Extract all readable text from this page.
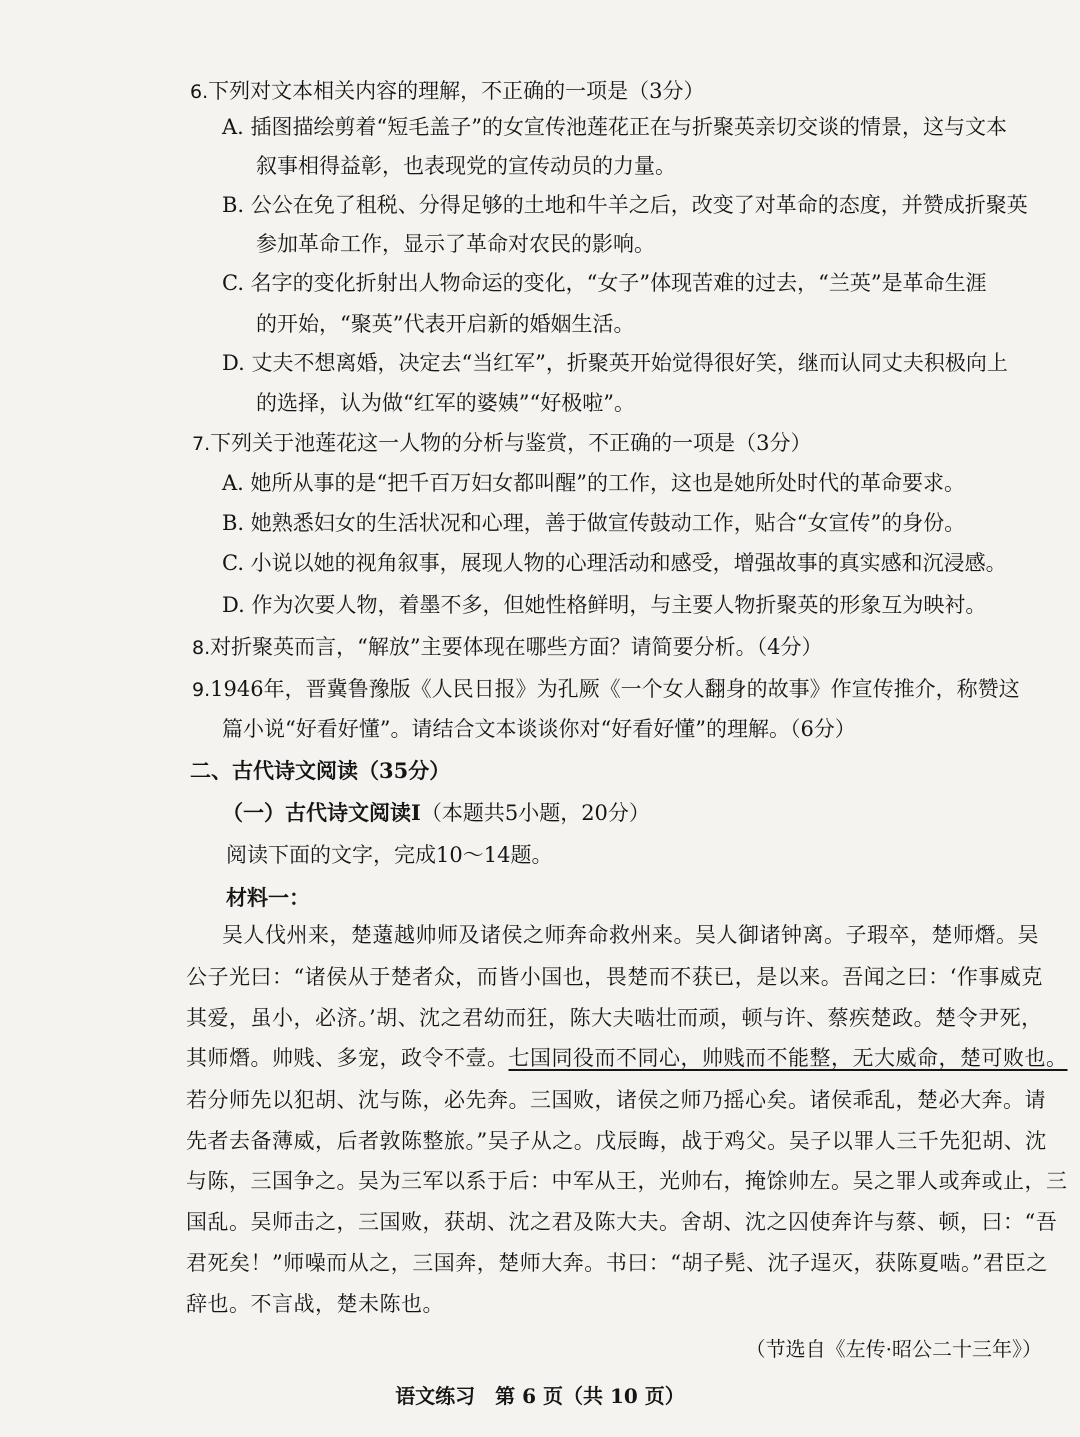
6.下列对文本相关内容的理解，不正确的一项是（3分）
A. 插图描绘剪着“短毛盖子”的女宣传池莲花正在与折聚英亲切交谈的情景，这与文本
叙事相得益彰，也表现党的宣传动员的力量。
B. 公公在免了租税、分得足够的土地和牛羊之后，改变了对革命的态度，并赞成折聚英
参加革命工作，显示了革命对农民的影响。
C. 名字的变化折射出人物命运的变化，“女子”体现苦难的过去，“兰英”是革命生涯
的开始，“聚英”代表开启新的婚姻生活。
D. 丈夫不想离婚，决定去“当红军”，折聚英开始觉得很好笑，继而认同丈夫积极向上
的选择，认为做“红军的婆姨”“好极啦”。
7.下列关于池莲花这一人物的分析与鉴赏，不正确的一项是（3分）
A. 她所从事的是“把千百万妇女都叫醒”的工作，这也是她所处时代的革命要求。
B. 她熟悉妇女的生活状况和心理，善于做宣传鼓动工作，贴合“女宣传”的身份。
C. 小说以她的视角叙事，展现人物的心理活动和感受，增强故事的真实感和沉浸感。
D. 作为次要人物，着墨不多，但她性格鲜明，与主要人物折聚英的形象互为映衬。
8.对折聚英而言，“解放”主要体现在哪些方面？请简要分析。（4分）
9.1946年，晋冀鲁豫版《人民日报》为孔厥《一个女人翻身的故事》作宣传推介，称赞这
篇小说“好看好懂”。请结合文本谈谈你对“好看好懂”的理解。（6分）
二、古代诗文阅读（35分）
（一）古代诗文阅读Ⅰ（本题共5小题，20分）
阅读下面的文字，完成10～14题。
材料一：
吴人伐州来，楚薳越帅师及诸侯之师奔命救州来。吴人御诸钟离。子瑕卒，楚师熸。吴
公子光曰：“诸侯从于楚者众，而皆小国也，畏楚而不获已，是以来。吾闻之曰：‘作事威克
其爱，虽小，必济。’胡、沈之君幼而狂，陈大夫啮壮而顽，顿与许、蔡疾楚政。楚令尹死，
其师熸。帅贱、多宠，政令不壹。七国同役而不同心，帅贱而不能整，无大威命，楚可败也。
若分师先以犯胡、沈与陈，必先奔。三国败，诸侯之师乃摇心矣。诸侯乖乱，楚必大奔。请
先者去备薄威，后者敦陈整旅。”吴子从之。戊辰晦，战于鸡父。吴子以罪人三千先犯胡、沈
与陈，三国争之。吴为三军以系于后：中军从王，光帅右，掩馀帅左。吴之罪人或奔或止，三
国乱。吴师击之，三国败，获胡、沈之君及陈大夫。舍胡、沈之囚使奔许与蔡、顿，曰：“吾
君死矣！”师噪而从之，三国奔，楚师大奔。书曰：“胡子髡、沈子逞灭，获陈夏啮。”君臣之
辞也。不言战，楚未陈也。
（节选自《左传·昭公二十三年》）
语文练习　第 6 页（共 10 页）
